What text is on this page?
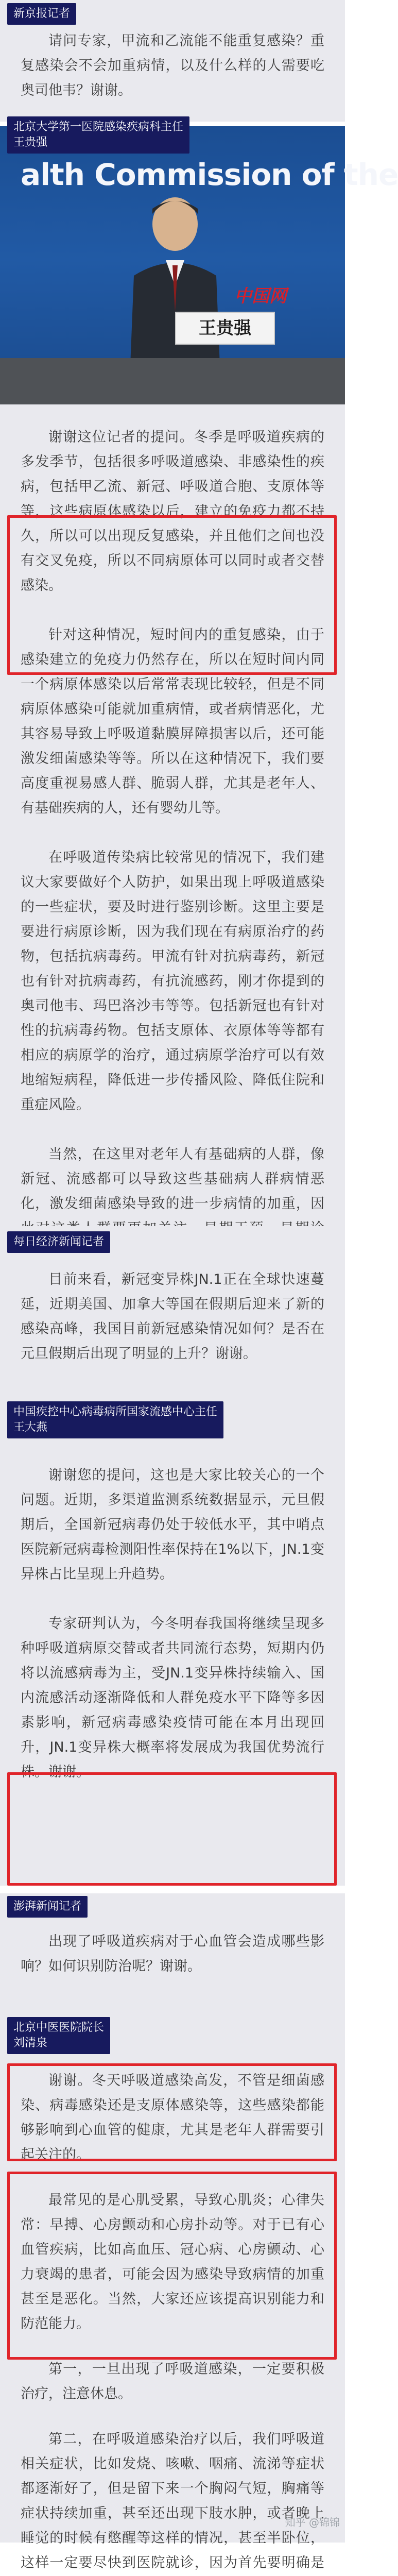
请问专家，甲流和乙流能不能重复感染？重复感染会不会加重病情，以及什么样的人需要吃奥司他韦？谢谢。

新京报记者
alth Commission of the
中国网
王贵强
北京大学第一医院感染疾病科主任
王贵强

谢谢这位记者的提问。冬季是呼吸道疾病的多发季节，包括很多呼吸道感染、非感染性的疾病，包括甲乙流、新冠、呼吸道合胞、支原体等等，这些病原体感染以后，建立的免疫力都不持久，所以可以出现反复感染，并且他们之间也没有交叉免疫，所以不同病原体可以同时或者交替感染。

针对这种情况，短时间内的重复感染，由于感染建立的免疫力仍然存在，所以在短时间内同一个病原体感染以后常常表现比较轻，但是不同病原体感染可能就加重病情，或者病情恶化，尤其容易导致上呼吸道黏膜屏障损害以后，还可能激发细菌感染等等。所以在这种情况下，我们要高度重视易感人群、脆弱人群，尤其是老年人、有基础疾病的人，还有婴幼儿等。

在呼吸道传染病比较常见的情况下，我们建议大家要做好个人防护，如果出现上呼吸道感染的一些症状，要及时进行鉴别诊断。这里主要是要进行病原诊断，因为我们现在有病原治疗的药物，包括抗病毒药。甲流有针对抗病毒药，新冠也有针对抗病毒药，有抗流感药，刚才你提到的奥司他韦、玛巴洛沙韦等等。包括新冠也有针对性的抗病毒药物。包括支原体、衣原体等等都有相应的病原学的治疗，通过病原学治疗可以有效地缩短病程，降低进一步传播风险、降低住院和重症风险。

当然，在这里对老年人有基础病的人群，像新冠、流感都可以导致这些基础病人群病情恶化，激发细菌感染导致的进一步病情的加重，因

目前来看，新冠变异株JN.1正在全球快速蔓延，近期美国、加拿大等国在假期后迎来了新的感染高峰，我国目前新冠感染情况如何？是否在元旦假期后出现了明显的上升？谢谢。

每日经济新闻记者

谢谢您的提问，这也是大家比较关心的一个问题。近期，多渠道监测系统数据显示，元旦假期后，全国新冠病毒仍处于较低水平，其中哨点医院新冠病毒检测阳性率保持在1%以下，JN.1变异株占比呈现上升趋势。

专家研判认为，今冬明春我国将继续呈现多种呼吸道病原交替或者共同流行态势，短期内仍将以流感病毒为主，受JN.1变异株持续输入、国内流感活动逐渐降低和人群免疫水平下降等多因素影响，新冠病毒感染疫情可能在本月出现回升，JN.1变异株大概率将发展成为我国优势流行株。谢谢。

中国疾控中心病毒病所国家流感中心主任
王大燕

出现了呼吸道疾病对于心血管会造成哪些影响？如何识别防治呢？谢谢。

澎湃新闻记者

谢谢。冬天呼吸道感染高发，不管是细菌感染、病毒感染还是支原体感染等，这些感染都能够影响到心血管的健康，尤其是老年人群需要引起关注的。

最常见的是心肌受累，导致心肌炎；心律失常：早搏、心房颤动和心房扑动等。对于已有心血管疾病，比如高血压、冠心病、心房颤动、心力衰竭的患者，可能会因为感染导致病情的加重甚至是恶化。当然，大家还应该提高识别能力和防范能力。

第一，一旦出现了呼吸道感染，一定要积极治疗，注意休息。

第二，在呼吸道感染治疗以后，我们呼吸道相关症状，比如发烧、咳嗽、咽痛、流涕等症状都逐渐好了，但是留下来一个胸闷气短，胸痛等症状持续加重，甚至还出现下肢水肿，或者晚上睡觉的时候有憋醒等这样的情况，甚至半卧位，这样一定要尽快到医院就诊，因为首先要明确是

北京中医医院院长
刘清泉
知乎 @锦锦
